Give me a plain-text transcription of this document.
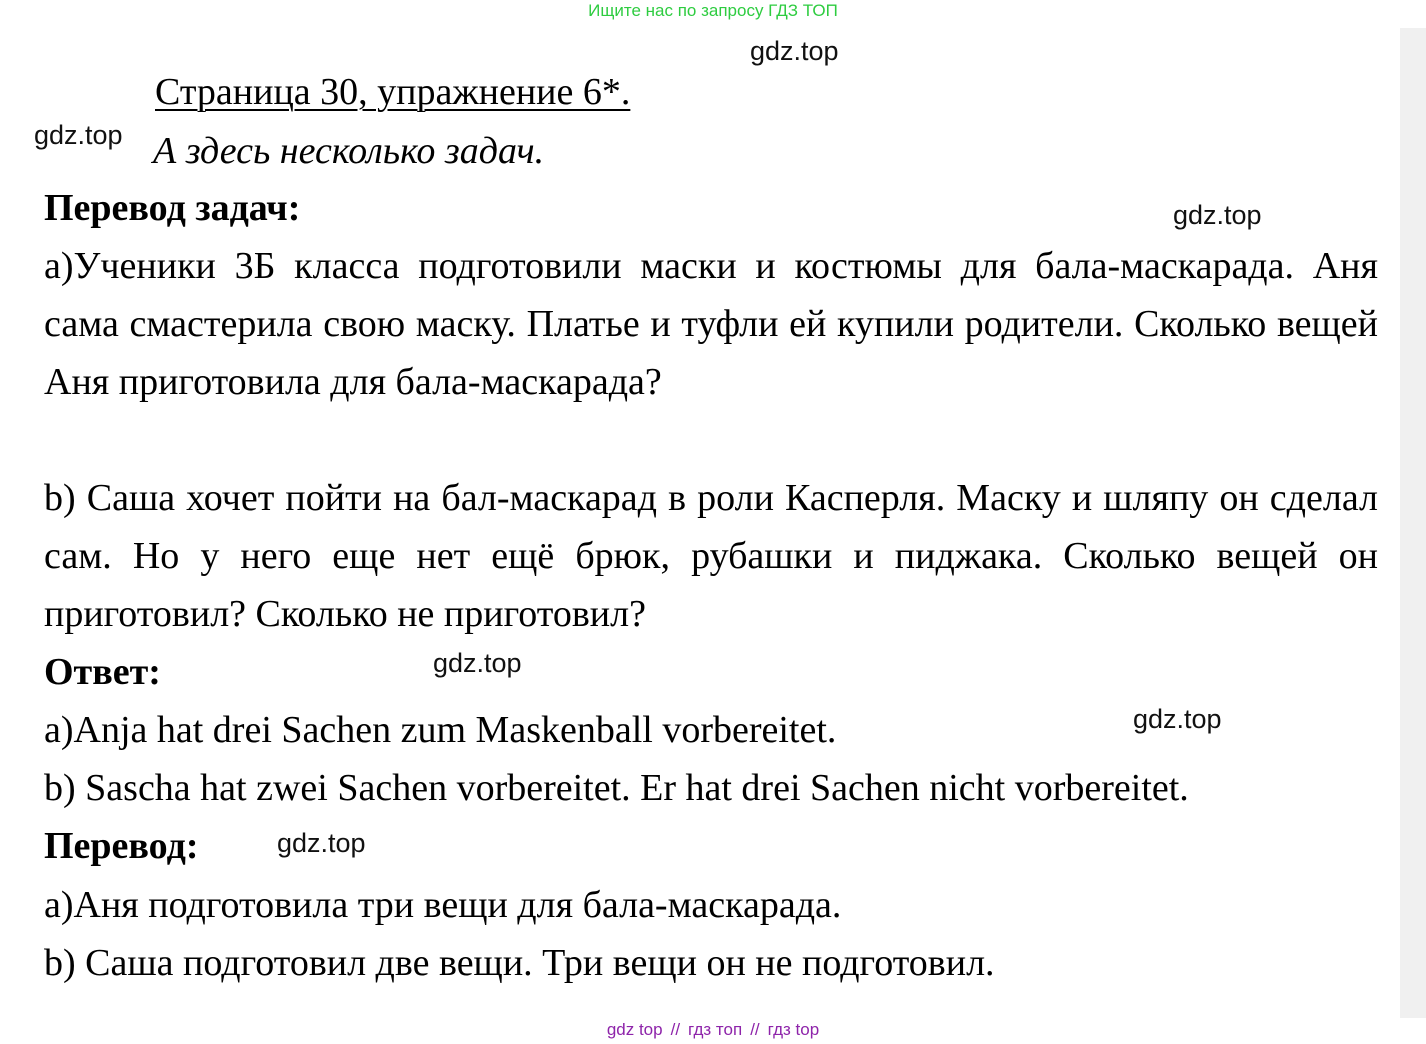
Ищите нас по запросу ГДЗ ТОП
gdz.top
gdz.top
gdz.top
gdz.top
gdz.top
gdz.top
Страница 30, упражнение 6*.
А здесь несколько задач.
Перевод задач:
а)Ученики 3Б класса подготовили маски и костюмы для бала-маскарада. Аня сама смастерила свою маску. Платье и туфли ей купили родители. Сколько вещей Аня приготовила для бала-маскарада?
b) Саша хочет пойти на бал-маскарад в роли Касперля. Маску и шляпу он сделал сам. Но у него еще нет ещё брюк, рубашки и пиджака. Сколько вещей он приготовил? Сколько не приготовил?
Ответ:
a)Anja hat drei Sachen zum Maskenball vorbereitet.
b) Sascha hat zwei Sachen vorbereitet. Er hat drei Sachen nicht vorbereitet.
Перевод:
а)Аня подготовила три вещи для бала-маскарада.
b) Саша подготовил две вещи. Три вещи он не подготовил.
gdz top // гдз топ // гдз top
